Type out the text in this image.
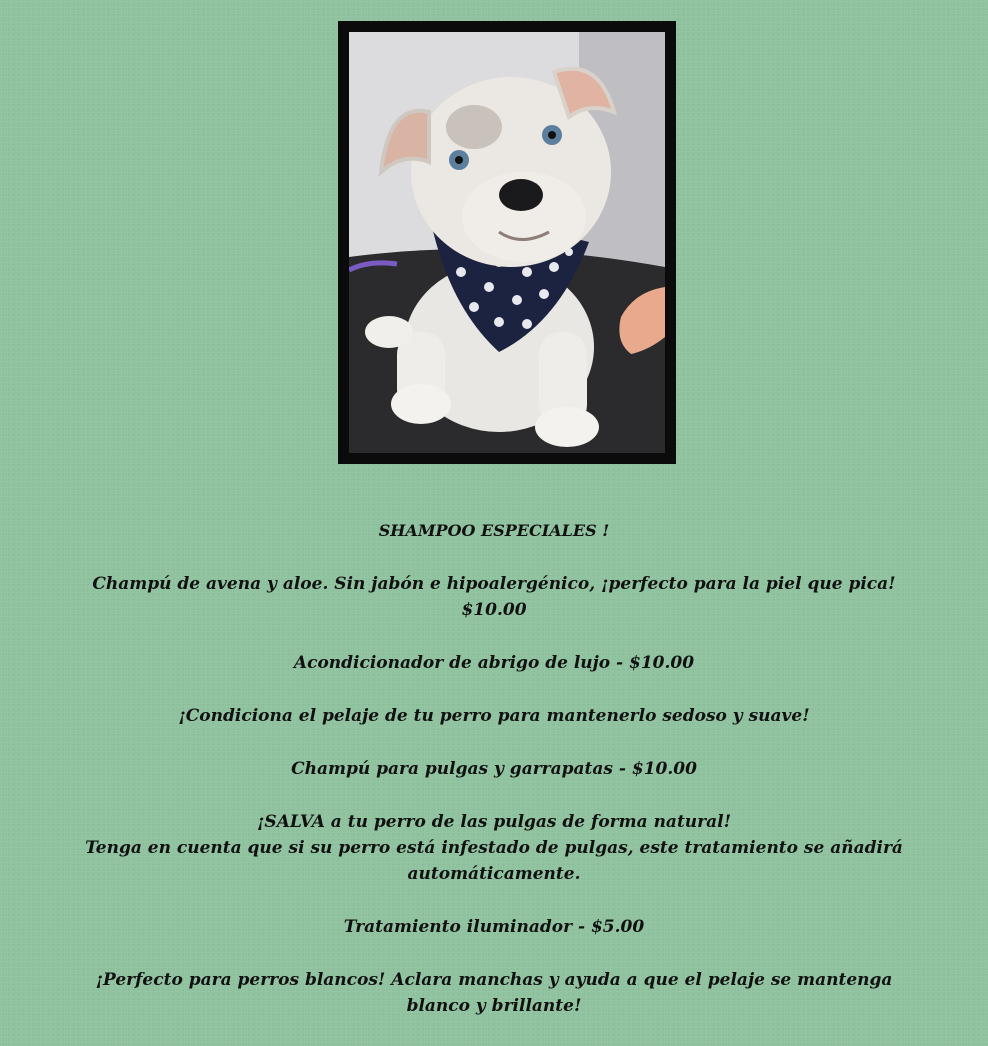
SHAMPOO ESPECIALES !

Champú de avena y aloe. Sin jabón e hipoalergénico, ¡perfecto para la piel que pica! $10.00

Acondicionador de abrigo de lujo - $10.00

¡Condiciona el pelaje de tu perro para mantenerlo sedoso y suave!

Champú para pulgas y garrapatas - $10.00

¡SALVA a tu perro de las pulgas de forma natural!
Tenga en cuenta que si su perro está infestado de pulgas, este tratamiento se añadirá automáticamente.

Tratamiento iluminador - $5.00

¡Perfecto para perros blancos! Aclara manchas y ayuda a que el pelaje se mantenga blanco y brillante!
